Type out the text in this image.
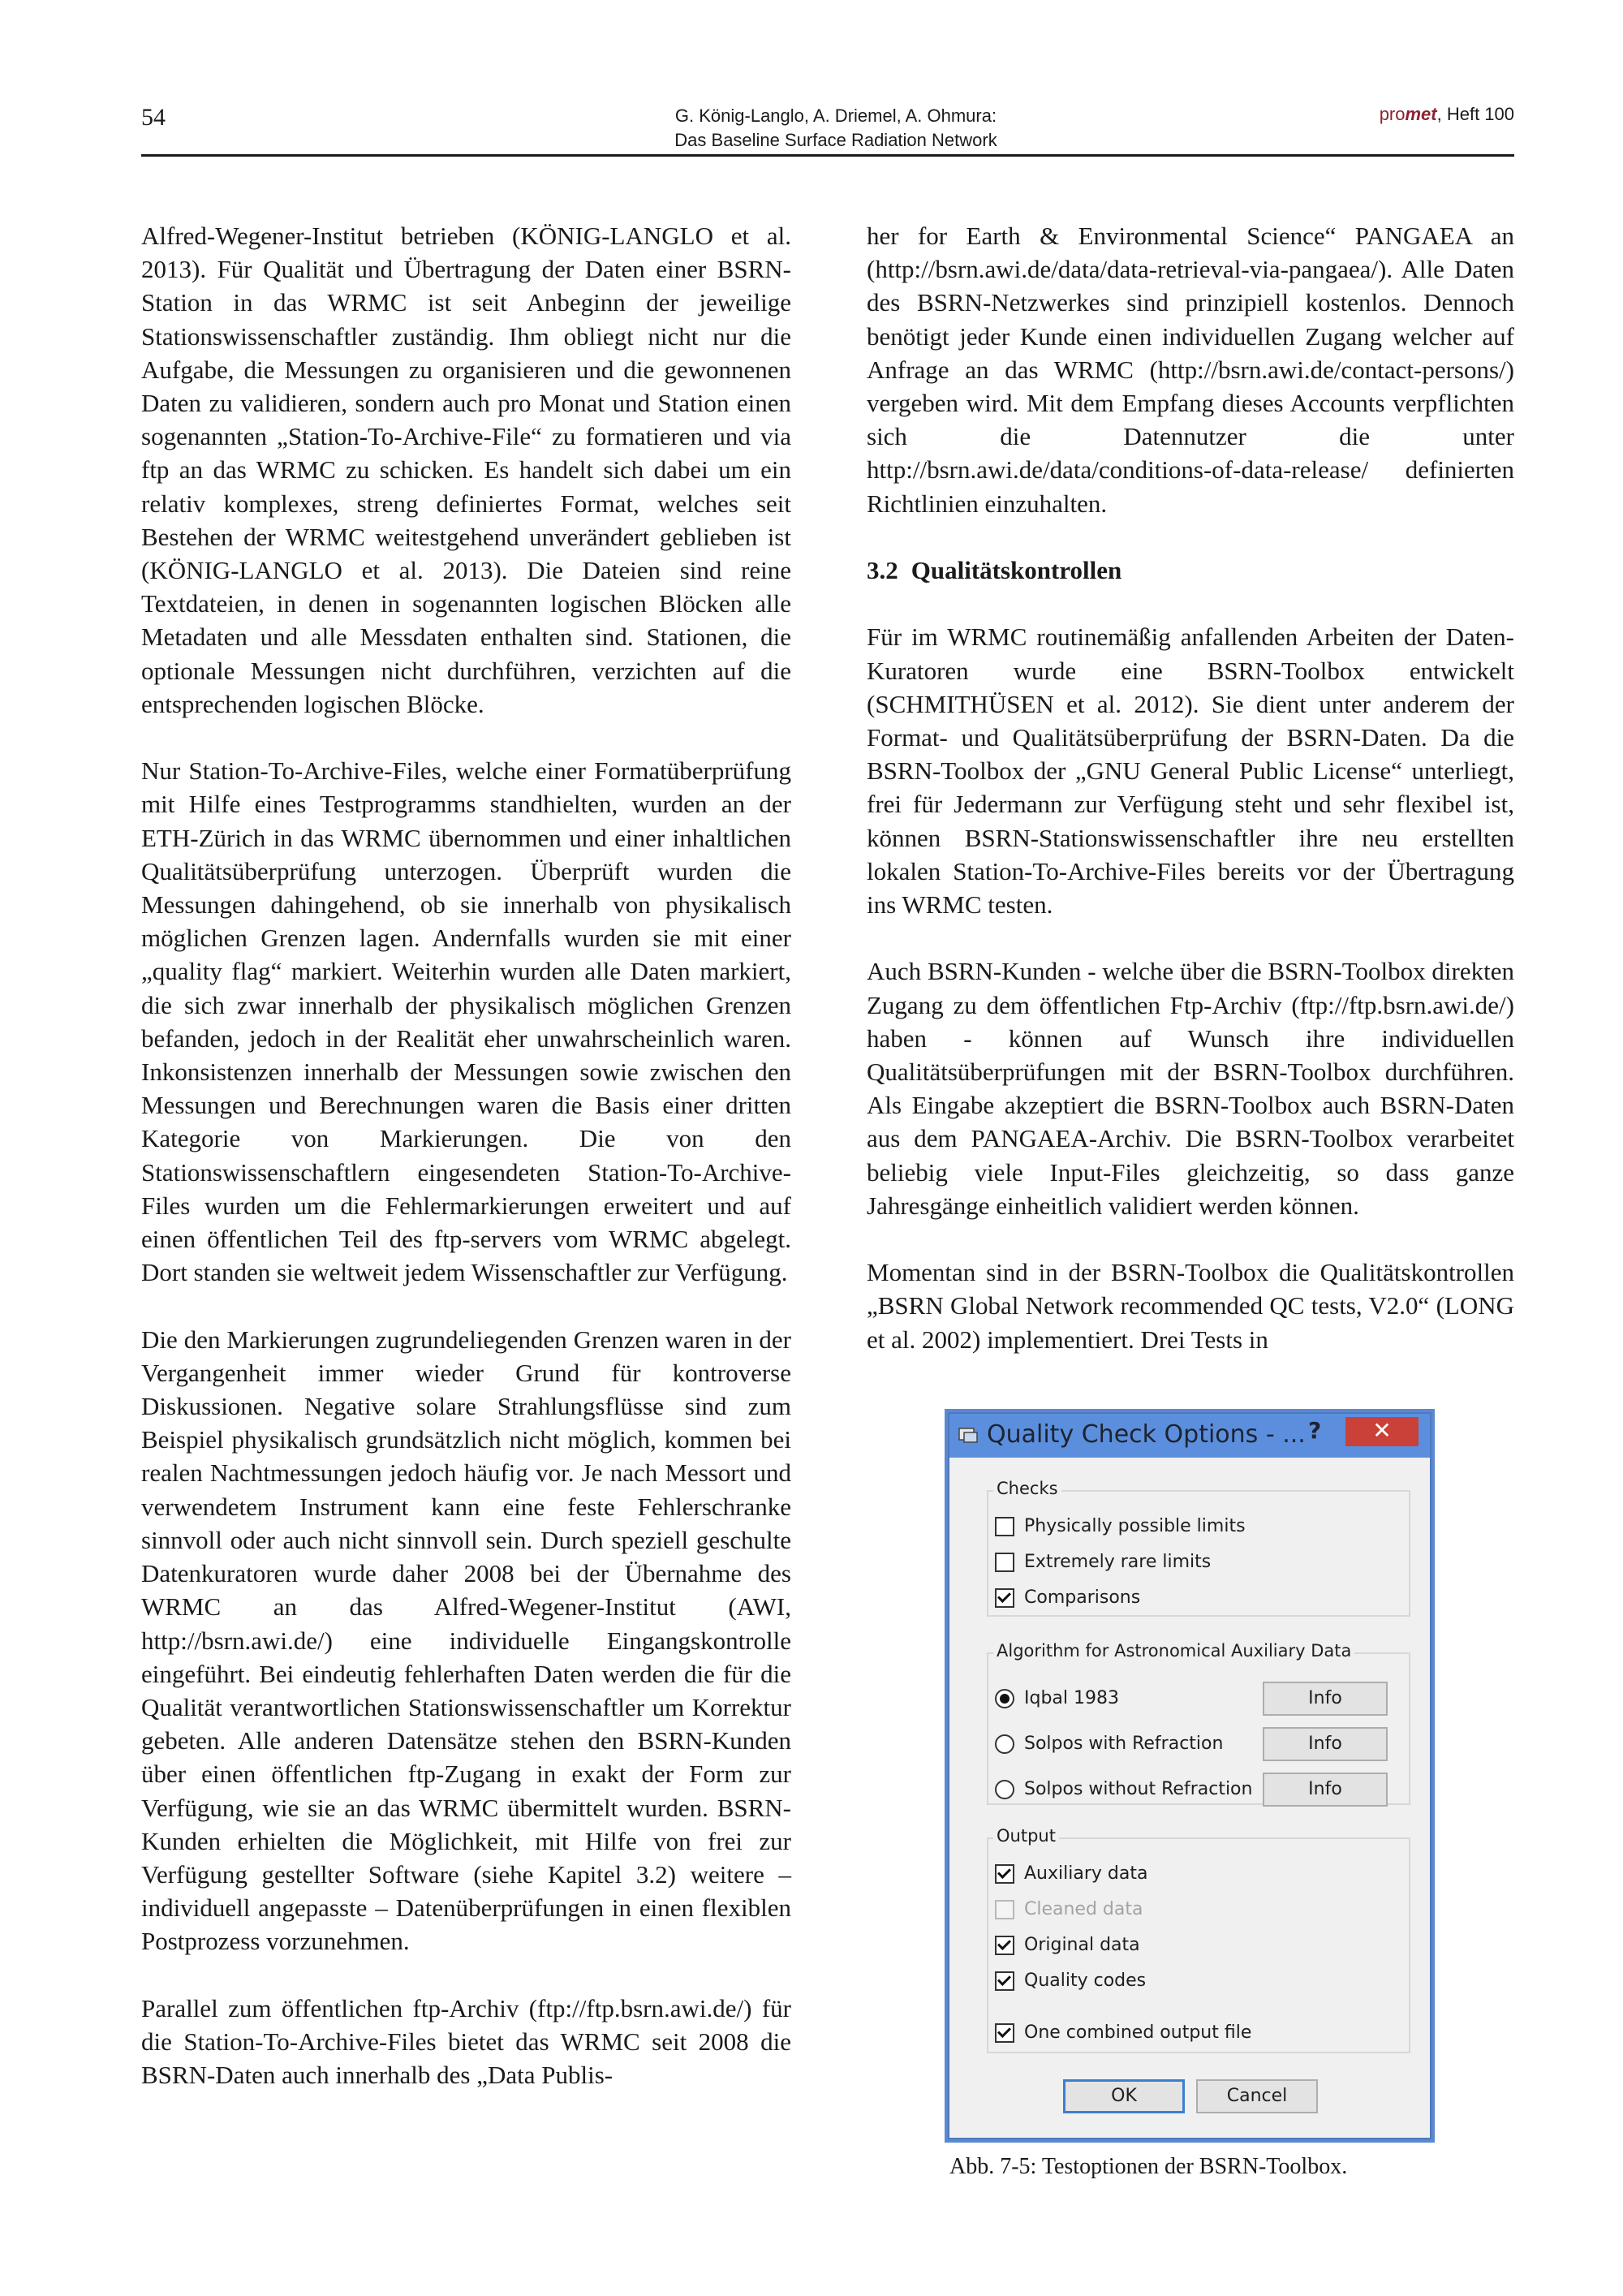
54	G. König-Langlo, A. Driemel, A. Ohmura:
Das Baseline Surface Radiation Network
promet, Heft 100

Alfred-Wegener-Institut betrieben (KÖNIG-LANGLO et al. 2013). Für Qualität und Übertragung der Daten einer BSRN-Station in das WRMC ist seit Anbeginn der jeweilige Stationswissenschaftler zuständig. Ihm obliegt nicht nur die Aufgabe, die Messungen zu organisieren und die gewonnenen Daten zu validieren, sondern auch pro Monat und Station einen sogenannten „Station-To-Archive-File“ zu formatieren und via ftp an das WRMC zu schicken. Es handelt sich dabei um ein relativ komplexes, streng definiertes Format, welches seit Bestehen der WRMC weitestgehend unverändert geblieben ist (KÖNIG-LANGLO et al. 2013). Die Dateien sind reine Textdateien, in denen in sogenannten logischen Blöcken alle Metadaten und alle Messdaten enthalten sind. Stationen, die optionale Messungen nicht durchführen, verzichten auf die entsprechenden logischen Blöcke.

Nur Station-To-Archive-Files, welche einer Formatüberprüfung mit Hilfe eines Testprogramms standhielten, wurden an der ETH-Zürich in das WRMC übernommen und einer inhaltlichen Qualitätsüberprüfung unterzogen. Überprüft wurden die Messungen dahingehend, ob sie innerhalb von physikalisch möglichen Grenzen lagen. Andernfalls wurden sie mit einer „quality flag“ markiert. Weiterhin wurden alle Daten markiert, die sich zwar innerhalb der physikalisch möglichen Grenzen befanden, jedoch in der Realität eher unwahrscheinlich waren. Inkonsistenzen innerhalb der Messungen sowie zwischen den Messungen und Berechnungen waren die Basis einer dritten Kategorie von Markierungen. Die von den Stationswissenschaftlern eingesendeten Station-To-Archive-Files wurden um die Fehlermarkierungen erweitert und auf einen öffentlichen Teil des ftp-servers vom WRMC abgelegt. Dort standen sie weltweit jedem Wissenschaftler zur Verfügung.

Die den Markierungen zugrundeliegenden Grenzen waren in der Vergangenheit immer wieder Grund für kontroverse Diskussionen. Negative solare Strahlungsflüsse sind zum Beispiel physikalisch grundsätzlich nicht möglich, kommen bei realen Nachtmessungen jedoch häufig vor. Je nach Messort und verwendetem Instrument kann eine feste Fehlerschranke sinnvoll oder auch nicht sinnvoll sein. Durch speziell geschulte Datenkuratoren wurde daher 2008 bei der Übernahme des WRMC an das Alfred-Wegener-Institut (AWI, http://bsrn.awi.de/) eine individuelle Eingangskontrolle eingeführt. Bei eindeutig fehlerhaften Daten werden die für die Qualität verantwortlichen Stationswissenschaftler um Korrektur gebeten. Alle anderen Datensätze stehen den BSRN-Kunden über einen öffentlichen ftp-Zugang in exakt der Form zur Verfügung, wie sie an das WRMC übermittelt wurden. BSRN-Kunden erhielten die Möglichkeit, mit Hilfe von frei zur Verfügung gestellter Software (siehe Kapitel 3.2) weitere – individuell angepasste – Datenüberprüfungen in einen flexiblen Postprozess vorzunehmen.

Parallel zum öffentlichen ftp-Archiv (ftp://ftp.bsrn.awi.de/) für die Station-To-Archive-Files bietet das WRMC seit 2008 die BSRN-Daten auch innerhalb des „Data Publis-

her for Earth & Environmental Science“ PANGAEA an (http://bsrn.awi.de/data/data-retrieval-via-pangaea/). Alle Daten des BSRN-Netzwerkes sind prinzipiell kostenlos. Dennoch benötigt jeder Kunde einen individuellen Zugang welcher auf Anfrage an das WRMC (http://bsrn.awi.de/contact-persons/) vergeben wird. Mit dem Empfang dieses Accounts verpflichten sich die Datennutzer die unter http://bsrn.awi.de/data/conditions-of-data-release/ definierten Richtlinien einzuhalten.

3.2 Qualitätskontrollen

Für im WRMC routinemäßig anfallenden Arbeiten der Daten-Kuratoren wurde eine BSRN-Toolbox entwickelt (SCHMITHÜSEN et al. 2012). Sie dient unter anderem der Format- und Qualitätsüberprüfung der BSRN-Daten. Da die BSRN-Toolbox der „GNU General Public License“ unterliegt, frei für Jedermann zur Verfügung steht und sehr flexibel ist, können BSRN-Stationswissenschaftler ihre neu erstellten lokalen Station-To-Archive-Files bereits vor der Übertragung ins WRMC testen.

Auch BSRN-Kunden - welche über die BSRN-Toolbox direkten Zugang zu dem öffentlichen Ftp-Archiv (ftp://ftp.bsrn.awi.de/) haben - können auf Wunsch ihre individuellen Qualitätsüberprüfungen mit der BSRN-Toolbox durchführen. Als Eingabe akzeptiert die BSRN-Toolbox auch BSRN-Daten aus dem PANGAEA-Archiv. Die BSRN-Toolbox verarbeitet beliebig viele Input-Files gleichzeitig, so dass ganze Jahresgänge einheitlich validiert werden können.

Momentan sind in der BSRN-Toolbox die Qualitätskontrollen „BSRN Global Network recommended QC tests, V2.0“ (LONG et al. 2002) implementiert. Drei Tests in

Quality Check Options - ... ?	✕
Checks
Physically possible limits
Extremely rare limits
Comparisons
Algorithm for Astronomical Auxiliary Data
Iqbal 1983	Info
Solpos with Refraction	Info
Solpos without Refraction	Info
Output
Auxiliary data
Cleaned data
Original data
Quality codes
One combined output file
OK	Cancel
Abb. 7-5: Testoptionen der BSRN-Toolbox.
